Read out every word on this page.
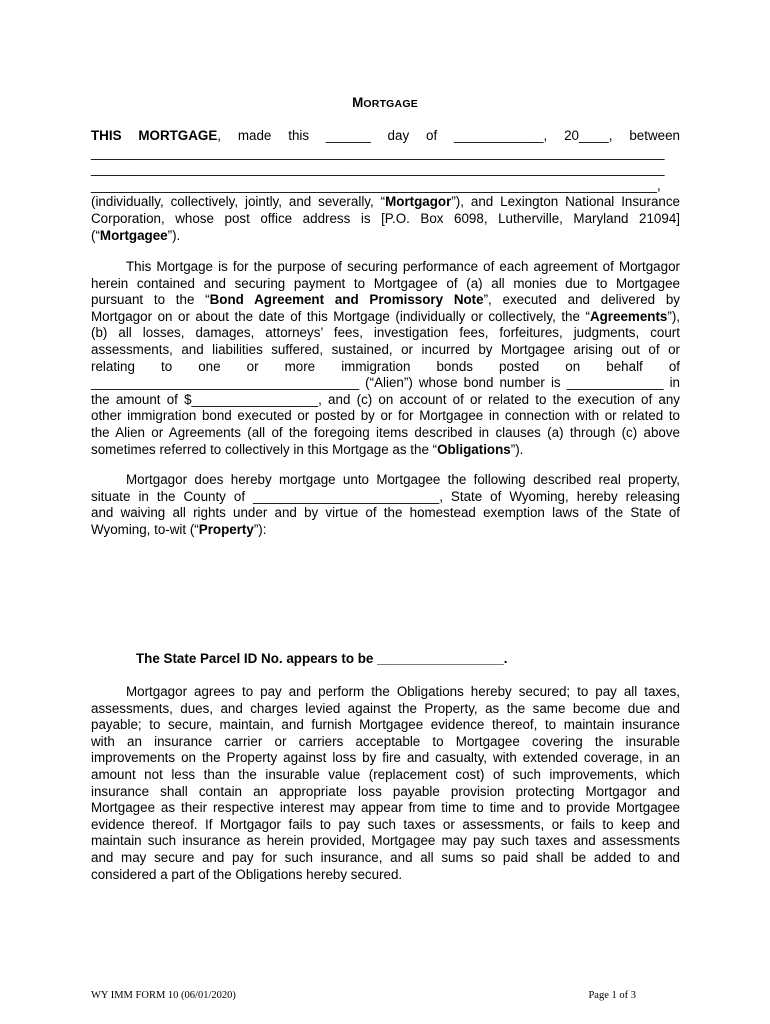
MORTGAGE
THIS MORTGAGE, made this ______ day of ____________, 20____, between
_____________________________________________________________________________
_____________________________________________________________________________
____________________________________________________________________________,
(individually, collectively, jointly, and severally, “Mortgagor”), and Lexington National Insurance
Corporation, whose post office address is [P.O. Box 6098, Lutherville, Maryland 21094]
(“Mortgagee”).
This Mortgage is for the purpose of securing performance of each agreement of Mortgagor
herein contained and securing payment to Mortgagee of (a) all monies due to Mortgagee
pursuant to the “Bond Agreement and Promissory Note”, executed and delivered by
Mortgagor on or about the date of this Mortgage (individually or collectively, the “Agreements”),
(b) all losses, damages, attorneys’ fees, investigation fees, forfeitures, judgments, court
assessments, and liabilities suffered, sustained, or incurred by Mortgagee arising out of or
relating to one or more immigration bonds posted on behalf of
____________________________________ (“Alien”) whose bond number is _____________ in
the amount of $_________________, and (c) on account of or related to the execution of any
other immigration bond executed or posted by or for Mortgagee in connection with or related to
the Alien or Agreements (all of the foregoing items described in clauses (a) through (c) above
sometimes referred to collectively in this Mortgage as the “Obligations”).
Mortgagor does hereby mortgage unto Mortgagee the following described real property,
situate in the County of _________________________, State of Wyoming, hereby releasing
and waiving all rights under and by virtue of the homestead exemption laws of the State of
Wyoming, to-wit (“Property”):
The State Parcel ID No. appears to be _________________.
Mortgagor agrees to pay and perform the Obligations hereby secured; to pay all taxes,
assessments, dues, and charges levied against the Property, as the same become due and
payable; to secure, maintain, and furnish Mortgagee evidence thereof, to maintain insurance
with an insurance carrier or carriers acceptable to Mortgagee covering the insurable
improvements on the Property against loss by fire and casualty, with extended coverage, in an
amount not less than the insurable value (replacement cost) of such improvements, which
insurance shall contain an appropriate loss payable provision protecting Mortgagor and
Mortgagee as their respective interest may appear from time to time and to provide Mortgagee
evidence thereof. If Mortgagor fails to pay such taxes or assessments, or fails to keep and
maintain such insurance as herein provided, Mortgagee may pay such taxes and assessments
and may secure and pay for such insurance, and all sums so paid shall be added to and
considered a part of the Obligations hereby secured.
WY IMM FORM 10 (06/01/2020)	Page 1 of 3
